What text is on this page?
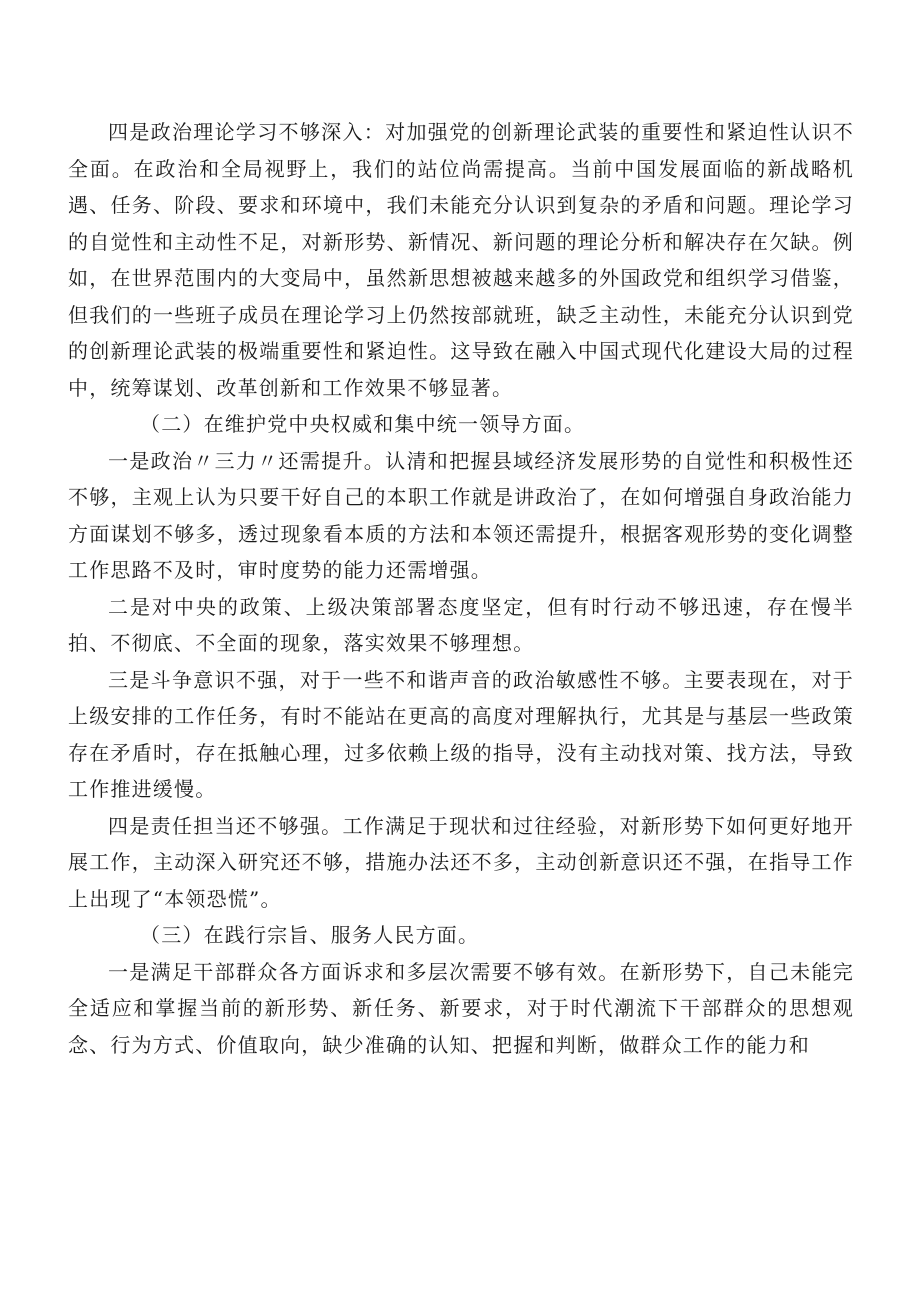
四是政治理论学习不够深入：对加强党的创新理论武装的重要性和紧迫性认识不全面。在政治和全局视野上，我们的站位尚需提高。当前中国发展面临的新战略机遇、任务、阶段、要求和环境中，我们未能充分认识到复杂的矛盾和问题。理论学习的自觉性和主动性不足，对新形势、新情况、新问题的理论分析和解决存在欠缺。例如，在世界范围内的大变局中，虽然新思想被越来越多的外国政党和组织学习借鉴，但我们的一些班子成员在理论学习上仍然按部就班，缺乏主动性，未能充分认识到党的创新理论武装的极端重要性和紧迫性。这导致在融入中国式现代化建设大局的过程中，统筹谋划、改革创新和工作效果不够显著。

（二）在维护党中央权威和集中统一领导方面。

一是政治〃三力〃还需提升。认清和把握县域经济发展形势的自觉性和积极性还不够，主观上认为只要干好自己的本职工作就是讲政治了，在如何增强自身政治能力方面谋划不够多，透过现象看本质的方法和本领还需提升，根据客观形势的变化调整工作思路不及时，审时度势的能力还需增强。

二是对中央的政策、上级决策部署态度坚定，但有时行动不够迅速，存在慢半拍、不彻底、不全面的现象，落实效果不够理想。

三是斗争意识不强，对于一些不和谐声音的政治敏感性不够。主要表现在，对于上级安排的工作任务，有时不能站在更高的高度对理解执行，尤其是与基层一些政策存在矛盾时，存在抵触心理，过多依赖上级的指导，没有主动找对策、找方法，导致工作推进缓慢。

四是责任担当还不够强。工作满足于现状和过往经验，对新形势下如何更好地开展工作，主动深入研究还不够，措施办法还不多，主动创新意识还不强，在指导工作上出现了“本领恐慌”。

（三）在践行宗旨、服务人民方面。

一是满足干部群众各方面诉求和多层次需要不够有效。在新形势下，自己未能完全适应和掌握当前的新形势、新任务、新要求，对于时代潮流下干部群众的思想观念、行为方式、价值取向，缺少准确的认知、把握和判断，做群众工作的能力和
